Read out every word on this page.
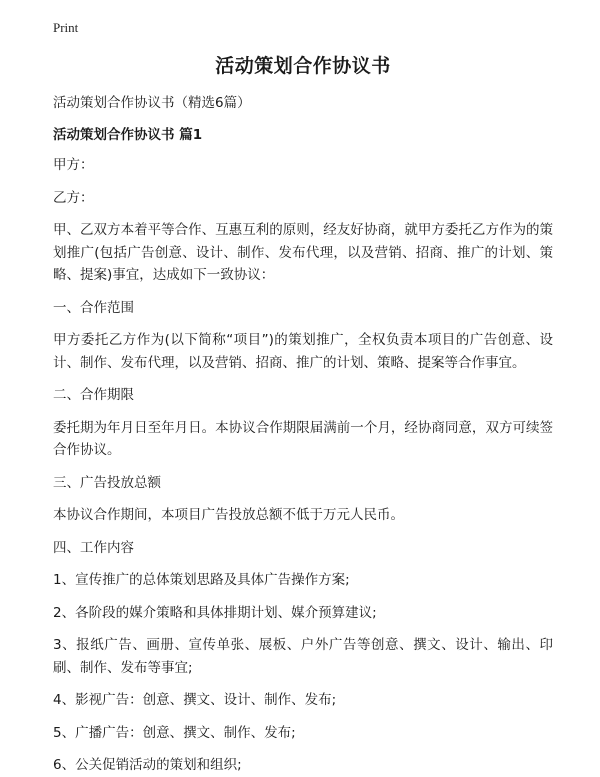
Print
活动策划合作协议书

活动策划合作协议书（精选6篇）

活动策划合作协议书 篇1

甲方：

乙方：

甲、乙双方本着平等合作、互惠互利的原则，经友好协商，就甲方委托乙方作为的策划推广(包括广告创意、设计、制作、发布代理，以及营销、招商、推广的计划、策略、提案)事宜，达成如下一致协议：

一、合作范围

甲方委托乙方作为(以下简称“项目”)的策划推广，全权负责本项目的广告创意、设计、制作、发布代理，以及营销、招商、推广的计划、策略、提案等合作事宜。

二、合作期限

委托期为年月日至年月日。本协议合作期限届满前一个月，经协商同意，双方可续签合作协议。

三、广告投放总额

本协议合作期间，本项目广告投放总额不低于万元人民币。

四、工作内容

1、宣传推广的总体策划思路及具体广告操作方案;

2、各阶段的媒介策略和具体排期计划、媒介预算建议;

3、报纸广告、画册、宣传单张、展板、户外广告等创意、撰文、设计、输出、印刷、制作、发布等事宜;

4、影视广告：创意、撰文、设计、制作、发布;

5、广播广告：创意、撰文、制作、发布;

6、公关促销活动的策划和组织;
